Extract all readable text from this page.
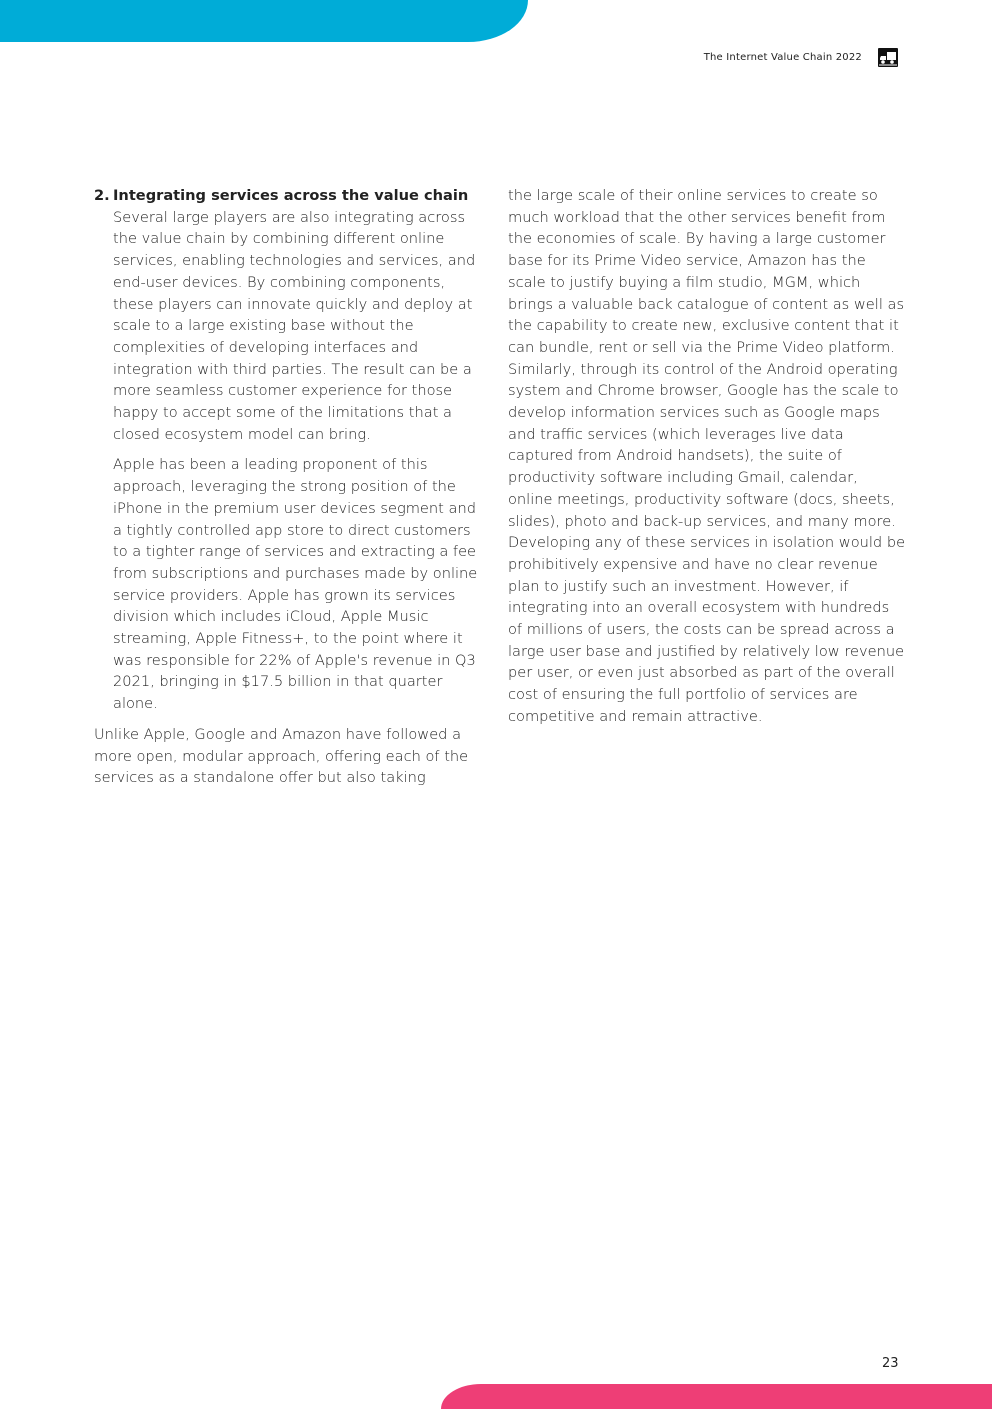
The Internet Value Chain 2022
2. Integrating services across the value chain

Several large players are also integrating across the value chain by combining different online services, enabling technologies and services, and end-user devices. By combining components, these players can innovate quickly and deploy at scale to a large existing base without the complexities of developing interfaces and integration with third parties. The result can be a more seamless customer experience for those happy to accept some of the limitations that a closed ecosystem model can bring.

Apple has been a leading proponent of this approach, leveraging the strong position of the iPhone in the premium user devices segment and a tightly controlled app store to direct customers to a tighter range of services and extracting a fee from subscriptions and purchases made by online service providers. Apple has grown its services division which includes iCloud, Apple Music streaming, Apple Fitness+, to the point where it was responsible for 22% of Apple's revenue in Q3 2021, bringing in $17.5 billion in that quarter alone.

Unlike Apple, Google and Amazon have followed a more open, modular approach, offering each of the services as a standalone offer but also taking

the large scale of their online services to create so much workload that the other services benefit from the economies of scale. By having a large customer base for its Prime Video service, Amazon has the scale to justify buying a film studio, MGM, which brings a valuable back catalogue of content as well as the capability to create new, exclusive content that it can bundle, rent or sell via the Prime Video platform. Similarly, through its control of the Android operating system and Chrome browser, Google has the scale to develop information services such as Google maps and traffic services (which leverages live data captured from Android handsets), the suite of productivity software including Gmail, calendar, online meetings, productivity software (docs, sheets, slides), photo and back-up services, and many more. Developing any of these services in isolation would be prohibitively expensive and have no clear revenue plan to justify such an investment. However, if integrating into an overall ecosystem with hundreds of millions of users, the costs can be spread across a large user base and justified by relatively low revenue per user, or even just absorbed as part of the overall cost of ensuring the full portfolio of services are competitive and remain attractive.

23
